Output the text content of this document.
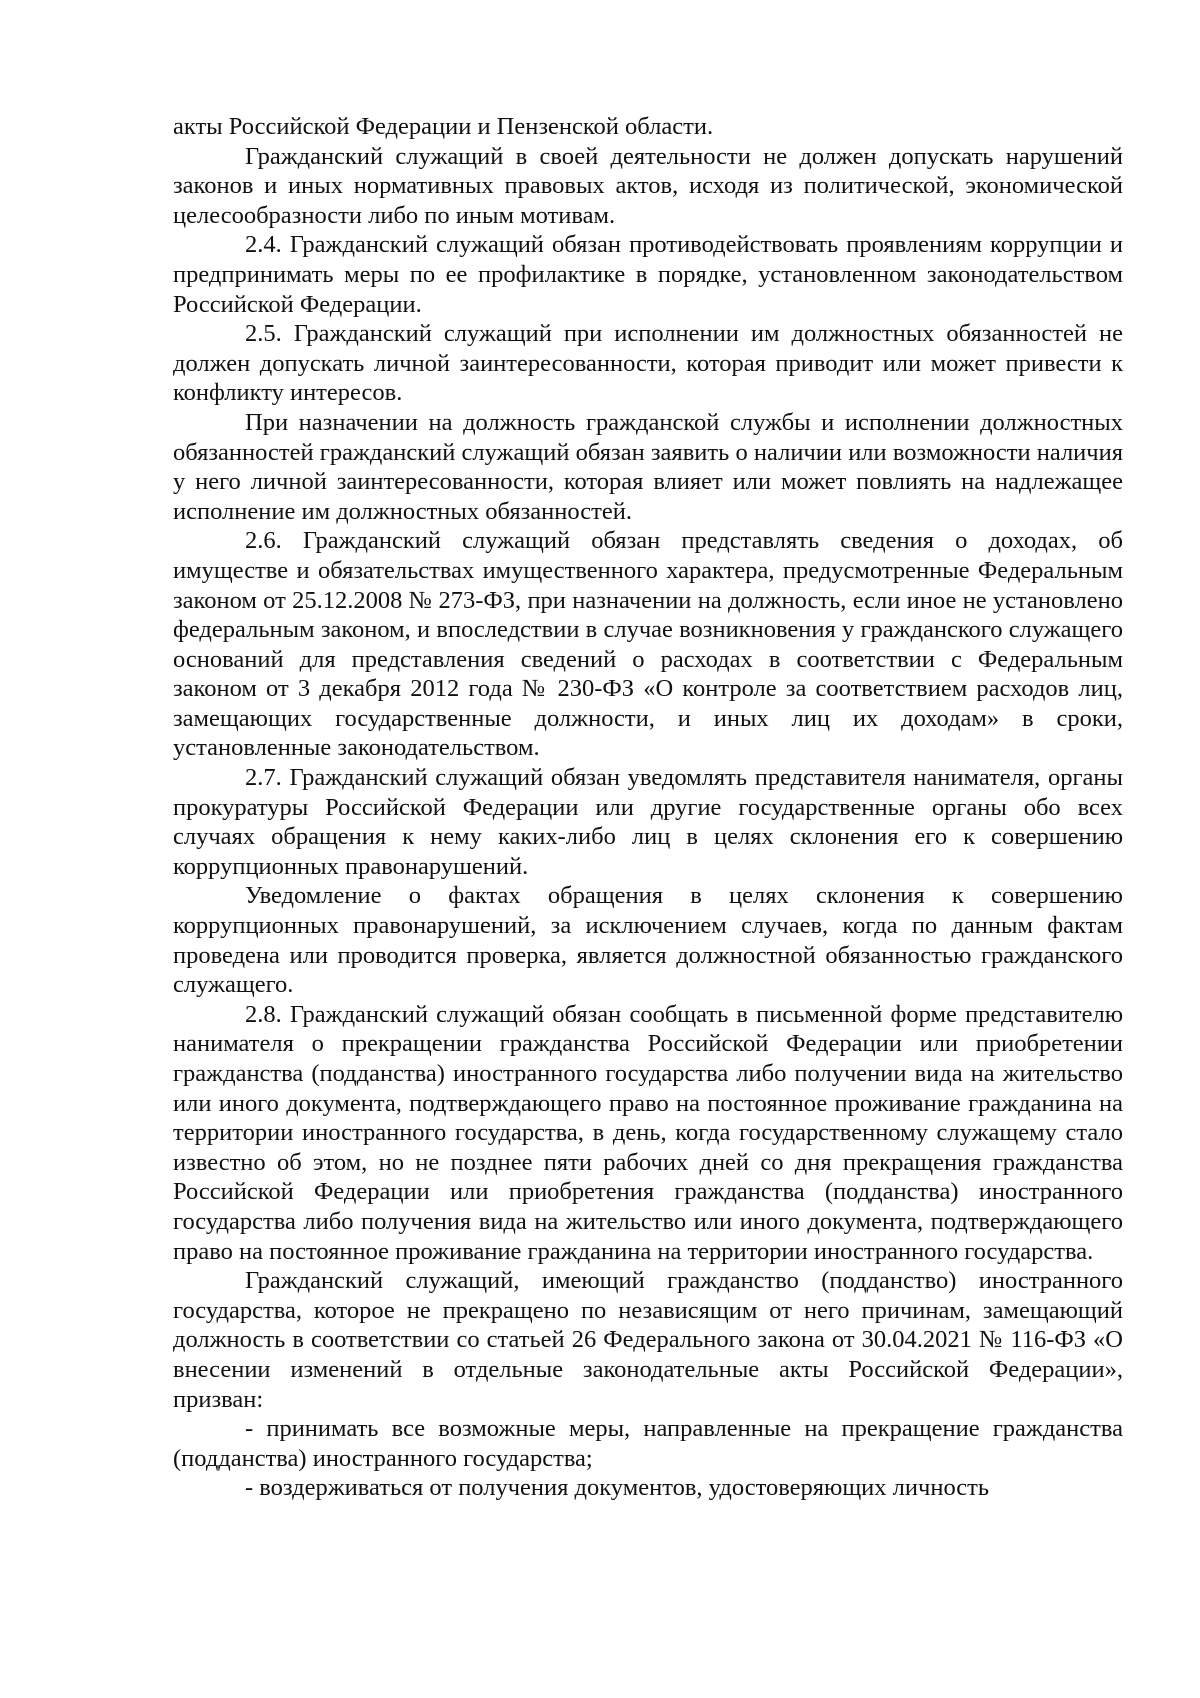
акты Российской Федерации и Пензенской области.

Гражданский служащий в своей деятельности не должен допускать нарушений законов и иных нормативных правовых актов, исходя из политической, экономической целесообразности либо по иным мотивам.

2.4. Гражданский служащий обязан противодействовать проявлениям коррупции и предпринимать меры по ее профилактике в порядке, установленном законодательством Российской Федерации.

2.5. Гражданский служащий при исполнении им должностных обязанностей не должен допускать личной заинтересованности, которая приводит или может привести к конфликту интересов.

При назначении на должность гражданской службы и исполнении должностных обязанностей гражданский служащий обязан заявить о наличии или возможности наличия у него личной заинтересованности, которая влияет или может повлиять на надлежащее исполнение им должностных обязанностей.

2.6. Гражданский служащий обязан представлять сведения о доходах, об имуществе и обязательствах имущественного характера, предусмотренные Федеральным законом от 25.12.2008 № 273-ФЗ, при назначении на должность, если иное не установлено федеральным законом, и впоследствии в случае возникновения у гражданского служащего оснований для представления сведений о расходах в соответствии с Федеральным законом от 3 декабря 2012 года № 230-ФЗ «О контроле за соответствием расходов лиц, замещающих государственные должности, и иных лиц их доходам» в сроки, установленные законодательством.

2.7. Гражданский служащий обязан уведомлять представителя нанимателя, органы прокуратуры Российской Федерации или другие государственные органы обо всех случаях обращения к нему каких-либо лиц в целях склонения его к совершению коррупционных правонарушений.

Уведомление о фактах обращения в целях склонения к совершению коррупционных правонарушений, за исключением случаев, когда по данным фактам проведена или проводится проверка, является должностной обязанностью гражданского служащего.

2.8. Гражданский служащий обязан сообщать в письменной форме представителю нанимателя о прекращении гражданства Российской Федерации или приобретении гражданства (подданства) иностранного государства либо получении вида на жительство или иного документа, подтверждающего право на постоянное проживание гражданина на территории иностранного государства, в день, когда государственному служащему стало известно об этом, но не позднее пяти рабочих дней со дня прекращения гражданства Российской Федерации или приобретения гражданства (подданства) иностранного государства либо получения вида на жительство или иного документа, подтверждающего право на постоянное проживание гражданина на территории иностранного государства.

Гражданский служащий, имеющий гражданство (подданство) иностранного государства, которое не прекращено по независящим от него причинам, замещающий должность в соответствии со статьей 26 Федерального закона от 30.04.2021 № 116-ФЗ «О внесении изменений в отдельные законодательные акты Российской Федерации», призван:

- принимать все возможные меры, направленные на прекращение гражданства (подданства) иностранного государства;

- воздерживаться от получения документов, удостоверяющих личность
